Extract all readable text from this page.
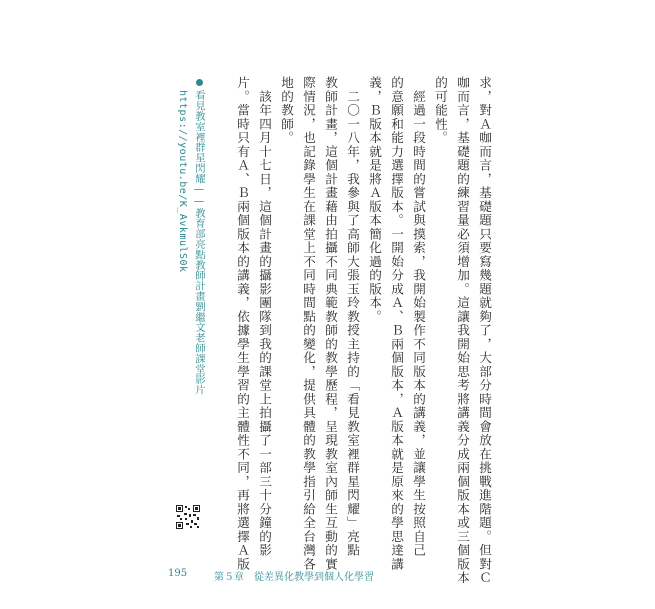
求，對Ａ咖而言，基礎題只要寫幾題就夠了，大部分時間會放在挑戰進階題。但對Ｃ
咖而言，基礎題的練習量必須增加。這讓我開始思考將講義分成兩個版本或三個版本
的可能性。
　經過一段時間的嘗試與摸索，我開始製作不同版本的講義，並讓學生按照自己
的意願和能力選擇版本。一開始分成Ａ、Ｂ兩個版本，Ａ版本就是原來的學思達講
義，Ｂ版本就是將Ａ版本簡化過的版本。
　二〇一八年，我參與了高師大張玉玲教授主持的「看見教室裡群星閃耀」亮點
教師計畫，這個計畫藉由拍攝不同典範教師的教學歷程，呈現教室內師生互動的實
際情況，也記錄學生在課堂上不同時間點的變化，提供具體的教學指引給全台灣各
地的教師。
　該年四月十七日，這個計畫的攝影團隊到我的課堂上拍攝了一部三十分鐘的影
片。當時只有Ａ、Ｂ兩個版本的講義，依據學生學習的主體性不同，再將選擇Ａ版
看見教室裡群星閃耀——教育部亮點教師計畫劉繼文老師課堂影片
https://youtu.be/K_AvkmulS0k
195	第５章　從差異化教學到個人化學習
